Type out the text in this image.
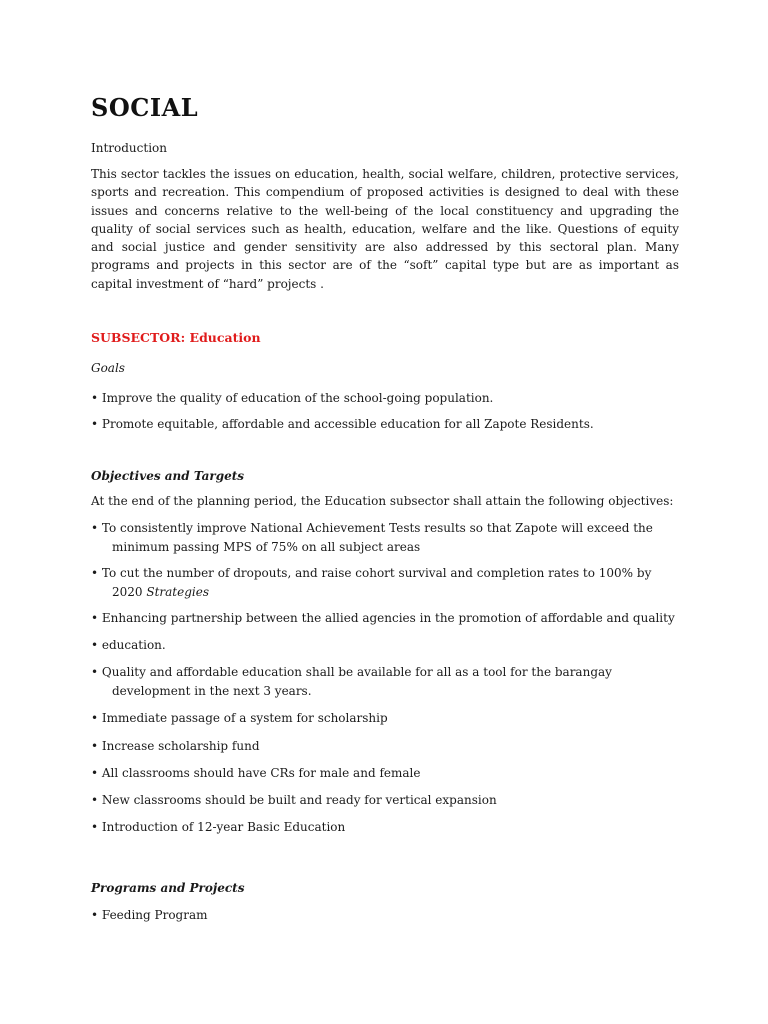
SOCIAL
Introduction

This sector tackles the issues on education, health, social welfare, children, protective services, sports and recreation. This compendium of proposed activities is designed to deal with these issues and concerns relative to the well-being of the local constituency and upgrading the quality of social services such as health, education, welfare and the like. Questions of equity and social justice and gender sensitivity are also addressed by this sectoral plan. Many programs and projects in this sector are of the “soft” capital type but are as important as capital investment of “hard” projects .

SUBSECTOR: Education
Goals
• Improve the quality of education of the school-going population.
• Promote equitable, affordable and accessible education for all Zapote Residents.
Objectives and Targets
At the end of the planning period, the Education subsector shall attain the following objectives:
• To consistently improve National Achievement Tests results so that Zapote will exceed the
minimum passing MPS of 75% on all subject areas
• To cut the number of dropouts, and raise cohort survival and completion rates to 100% by
2020 Strategies
• Enhancing partnership between the allied agencies in the promotion of affordable and quality
• education.
• Quality and affordable education shall be available for all as a tool for the barangay
development in the next 3 years.
• Immediate passage of a system for scholarship
• Increase scholarship fund
• All classrooms should have CRs for male and female
• New classrooms should be built and ready for vertical expansion
• Introduction of 12-year Basic Education
Programs and Projects
• Feeding Program
